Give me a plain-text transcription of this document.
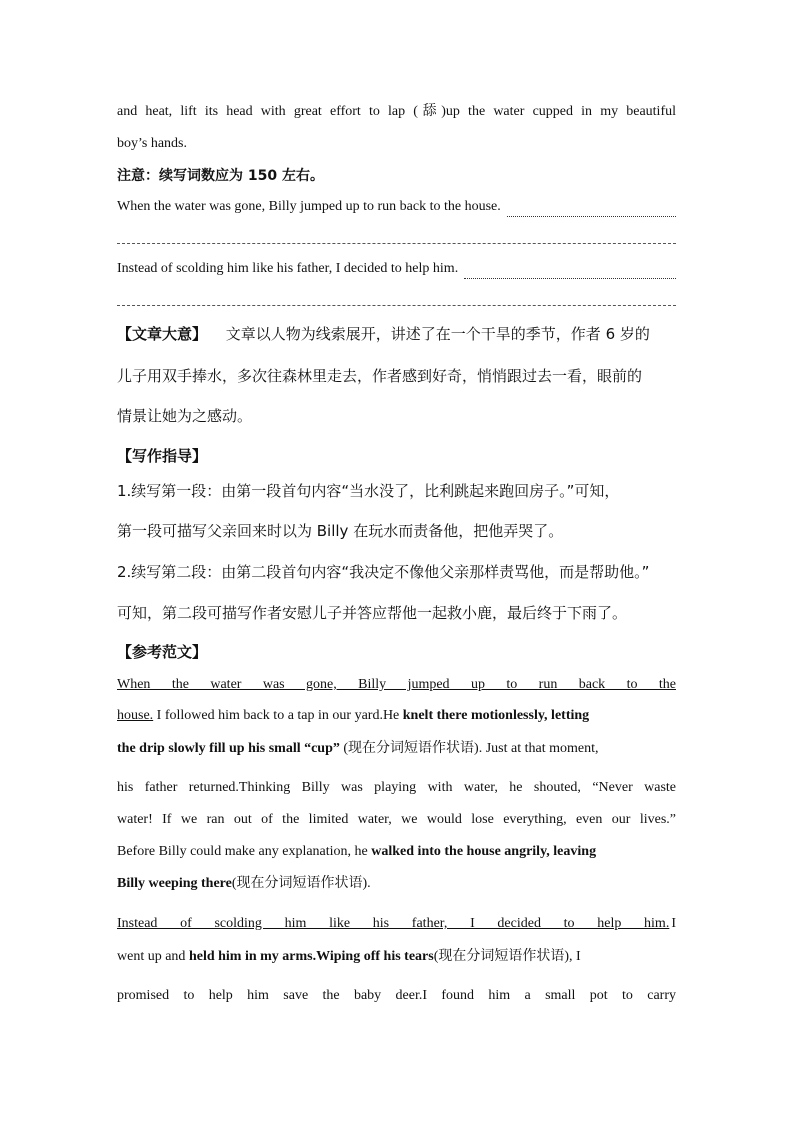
and heat, lift its head with great effort to lap (舔)up the water cupped in my beautiful
boy’s hands.
注意：续写词数应为 150 左右。
When the water was gone, Billy jumped up to run back to the house.
Instead of scolding him like his father, I decided to help him.
【文章大意】 文章以人物为线索展开，讲述了在一个干旱的季节，作者 6 岁的
儿子用双手捧水，多次往森林里走去，作者感到好奇，悄悄跟过去一看，眼前的
情景让她为之感动。
【写作指导】
1.续写第一段：由第一段首句内容“当水没了，比利跳起来跑回房子。”可知，
第一段可描写父亲回来时以为 Billy 在玩水而责备他，把他弄哭了。
2.续写第二段：由第二段首句内容“我决定不像他父亲那样责骂他，而是帮助他。”
可知，第二段可描写作者安慰儿子并答应帮他一起救小鹿，最后终于下雨了。
【参考范文】
When the water was gone, Billy jumped up to run back to the
house. I followed him back to a tap in our yard.He knelt there motionlessly, letting
the drip slowly fill up his small “cup” (现在分词短语作状语). Just at that moment,
his father returned.Thinking Billy was playing with water, he shouted, “Never waste
water! If we ran out of the limited water, we would lose everything, even our lives.”
Before Billy could make any explanation, he walked into the house angrily, leaving
Billy weeping there(现在分词短语作状语).
Instead of scolding him like his father, I decided to help him. I
went up and held him in my arms.Wiping off his tears(现在分词短语作状语), I
promised to help him save the baby deer.I found him a small pot to carry
